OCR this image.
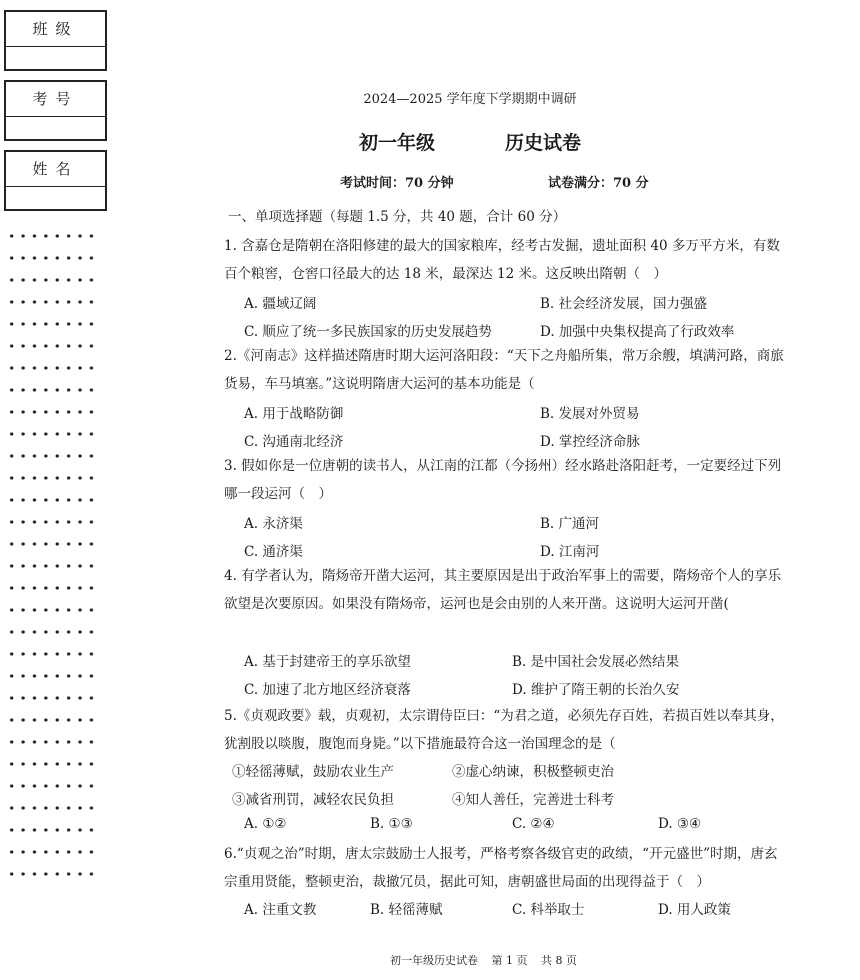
班级
考号
姓名
2024—2025 学年度下学期期中调研
初一年级	历史试卷
考试时间：70 分钟	试卷满分：70 分
一、单项选择题（每题 1.5 分，共 40 题，合计 60 分）
1. 含嘉仓是隋朝在洛阳修建的最大的国家粮库，经考古发掘，遗址面积 40 多万平方米，有数百个粮窖，仓窖口径最大的达 18 米，最深达 12 米。这反映出隋朝（　）
A. 疆域辽阔	B. 社会经济发展，国力强盛
C. 顺应了统一多民族国家的历史发展趋势	D. 加强中央集权提高了行政效率
2.《河南志》这样描述隋唐时期大运河洛阳段：“天下之舟船所集，常万余艘，填满河路，商旅货易，车马填塞。”这说明隋唐大运河的基本功能是（
A. 用于战略防御	B. 发展对外贸易
C. 沟通南北经济	D. 掌控经济命脉
3. 假如你是一位唐朝的读书人，从江南的江都（今扬州）经水路赴洛阳赶考，一定要经过下列哪一段运河（　）
A. 永济渠	B. 广通河
C. 通济渠	D. 江南河
4. 有学者认为，隋炀帝开凿大运河，其主要原因是出于政治军事上的需要，隋炀帝个人的享乐欲望是次要原因。如果没有隋炀帝，运河也是会由别的人来开凿。这说明大运河开凿(
A. 基于封建帝王的享乐欲望	B. 是中国社会发展必然结果
C. 加速了北方地区经济衰落	D. 维护了隋王朝的长治久安
5.《贞观政要》载，贞观初，太宗谓侍臣曰：“为君之道，必须先存百姓，若损百姓以奉其身，犹割股以啖腹，腹饱而身毙。”以下措施最符合这一治国理念的是（
①轻徭薄赋，鼓励农业生产	②虚心纳谏，积极整顿吏治
③减省刑罚，减轻农民负担	④知人善任，完善进士科考
A. ①②	B. ①③	C. ②④	D. ③④
6.“贞观之治”时期，唐太宗鼓励士人报考，严格考察各级官吏的政绩，“开元盛世”时期，唐玄宗重用贤能，整顿吏治，裁撤冗员，据此可知，唐朝盛世局面的出现得益于（　）
A. 注重文教	B. 轻徭薄赋	C. 科举取士	D. 用人政策
初一年级历史试卷 第 1 页 共 8 页
